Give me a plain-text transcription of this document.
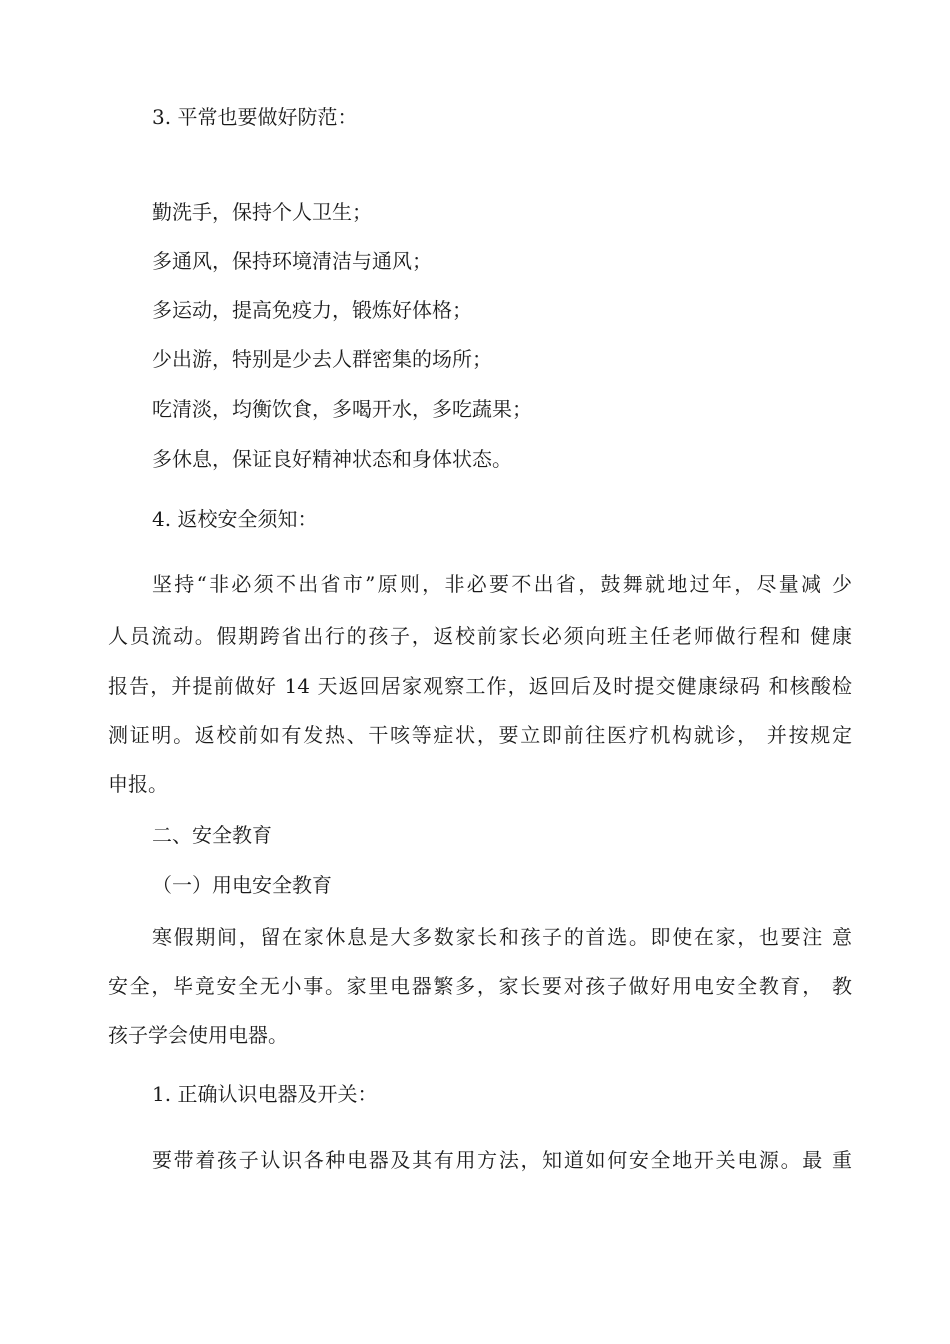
3. 平常也要做好防范：

勤洗手，保持个人卫生；

多通风，保持环境清洁与通风；

多运动，提高免疫力，锻炼好体格；

少出游，特别是少去人群密集的场所；

吃清淡，均衡饮食，多喝开水，多吃蔬果；

多休息，保证良好精神状态和身体状态。

4. 返校安全须知：

坚持“非必须不出省市”原则，非必要不出省，鼓舞就地过年，尽量减 少

人员流动。假期跨省出行的孩子，返校前家长必须向班主任老师做行程和 健康

报告，并提前做好 14 天返回居家观察工作，返回后及时提交健康绿码 和核酸检

测证明。返校前如有发热、干咳等症状，要立即前往医疗机构就诊， 并按规定

申报。

二、安全教育

（一）用电安全教育

寒假期间，留在家休息是大多数家长和孩子的首选。即使在家，也要注 意

安全，毕竟安全无小事。家里电器繁多，家长要对孩子做好用电安全教育， 教

孩子学会使用电器。

1. 正确认识电器及开关：

要带着孩子认识各种电器及其有用方法，知道如何安全地开关电源。最 重
